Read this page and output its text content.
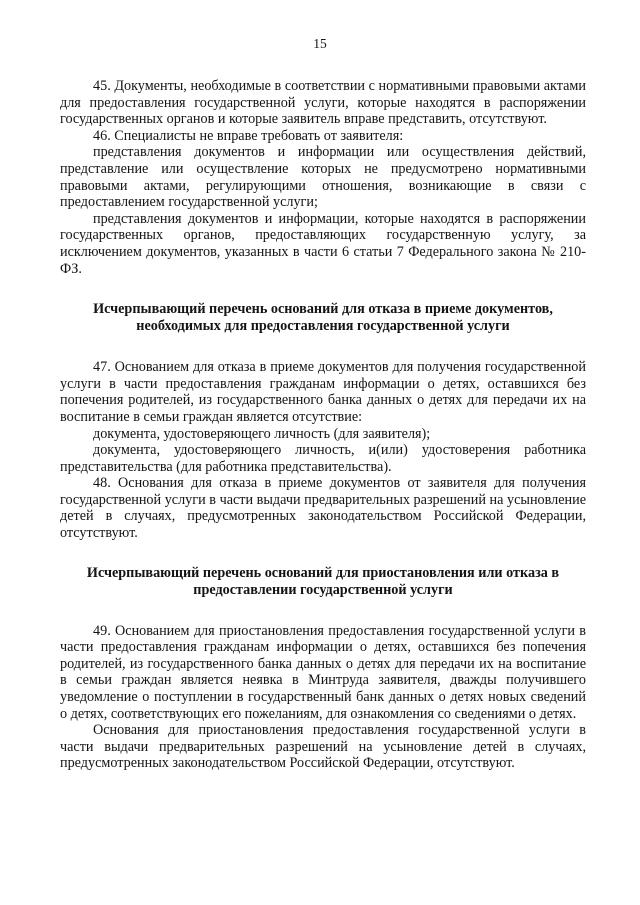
15

45. Документы, необходимые в соответствии с нормативными правовыми актами для предоставления государственной услуги, которые находятся в распоряжении государственных органов и которые заявитель вправе представить, отсутствуют.

46. Специалисты не вправе требовать от заявителя:

представления документов и информации или осуществления действий, представление или осуществление которых не предусмотрено нормативными правовыми актами, регулирующими отношения, возникающие в связи с предоставлением государственной услуги;

представления документов и информации, которые находятся в распоряжении государственных органов, предоставляющих государственную услугу, за исключением документов, указанных в части 6 статьи 7 Федерального закона № 210-ФЗ.

Исчерпывающий перечень оснований для отказа в приеме документов, необходимых для предоставления государственной услуги

47. Основанием для отказа в приеме документов для получения государственной услуги в части предоставления гражданам информации о детях, оставшихся без попечения родителей, из государственного банка данных о детях для передачи их на воспитание в семьи граждан является отсутствие:

документа, удостоверяющего личность (для заявителя);

документа, удостоверяющего личность, и(или) удостоверения работника представительства (для работника представительства).

48. Основания для отказа в приеме документов от заявителя для получения государственной услуги в части выдачи предварительных разрешений на усыновление детей в случаях, предусмотренных законодательством Российской Федерации, отсутствуют.

Исчерпывающий перечень оснований для приостановления или отказа в предоставлении государственной услуги

49. Основанием для приостановления предоставления государственной услуги в части предоставления гражданам информации о детях, оставшихся без попечения родителей, из государственного банка данных о детях для передачи их на воспитание в семьи граждан является неявка в Минтруда заявителя, дважды получившего уведомление о поступлении в государственный банк данных о детях новых сведений о детях, соответствующих его пожеланиям, для ознакомления со сведениями о детях.

Основания для приостановления предоставления государственной услуги в части выдачи предварительных разрешений на усыновление детей в случаях, предусмотренных законодательством Российской Федерации, отсутствуют.
